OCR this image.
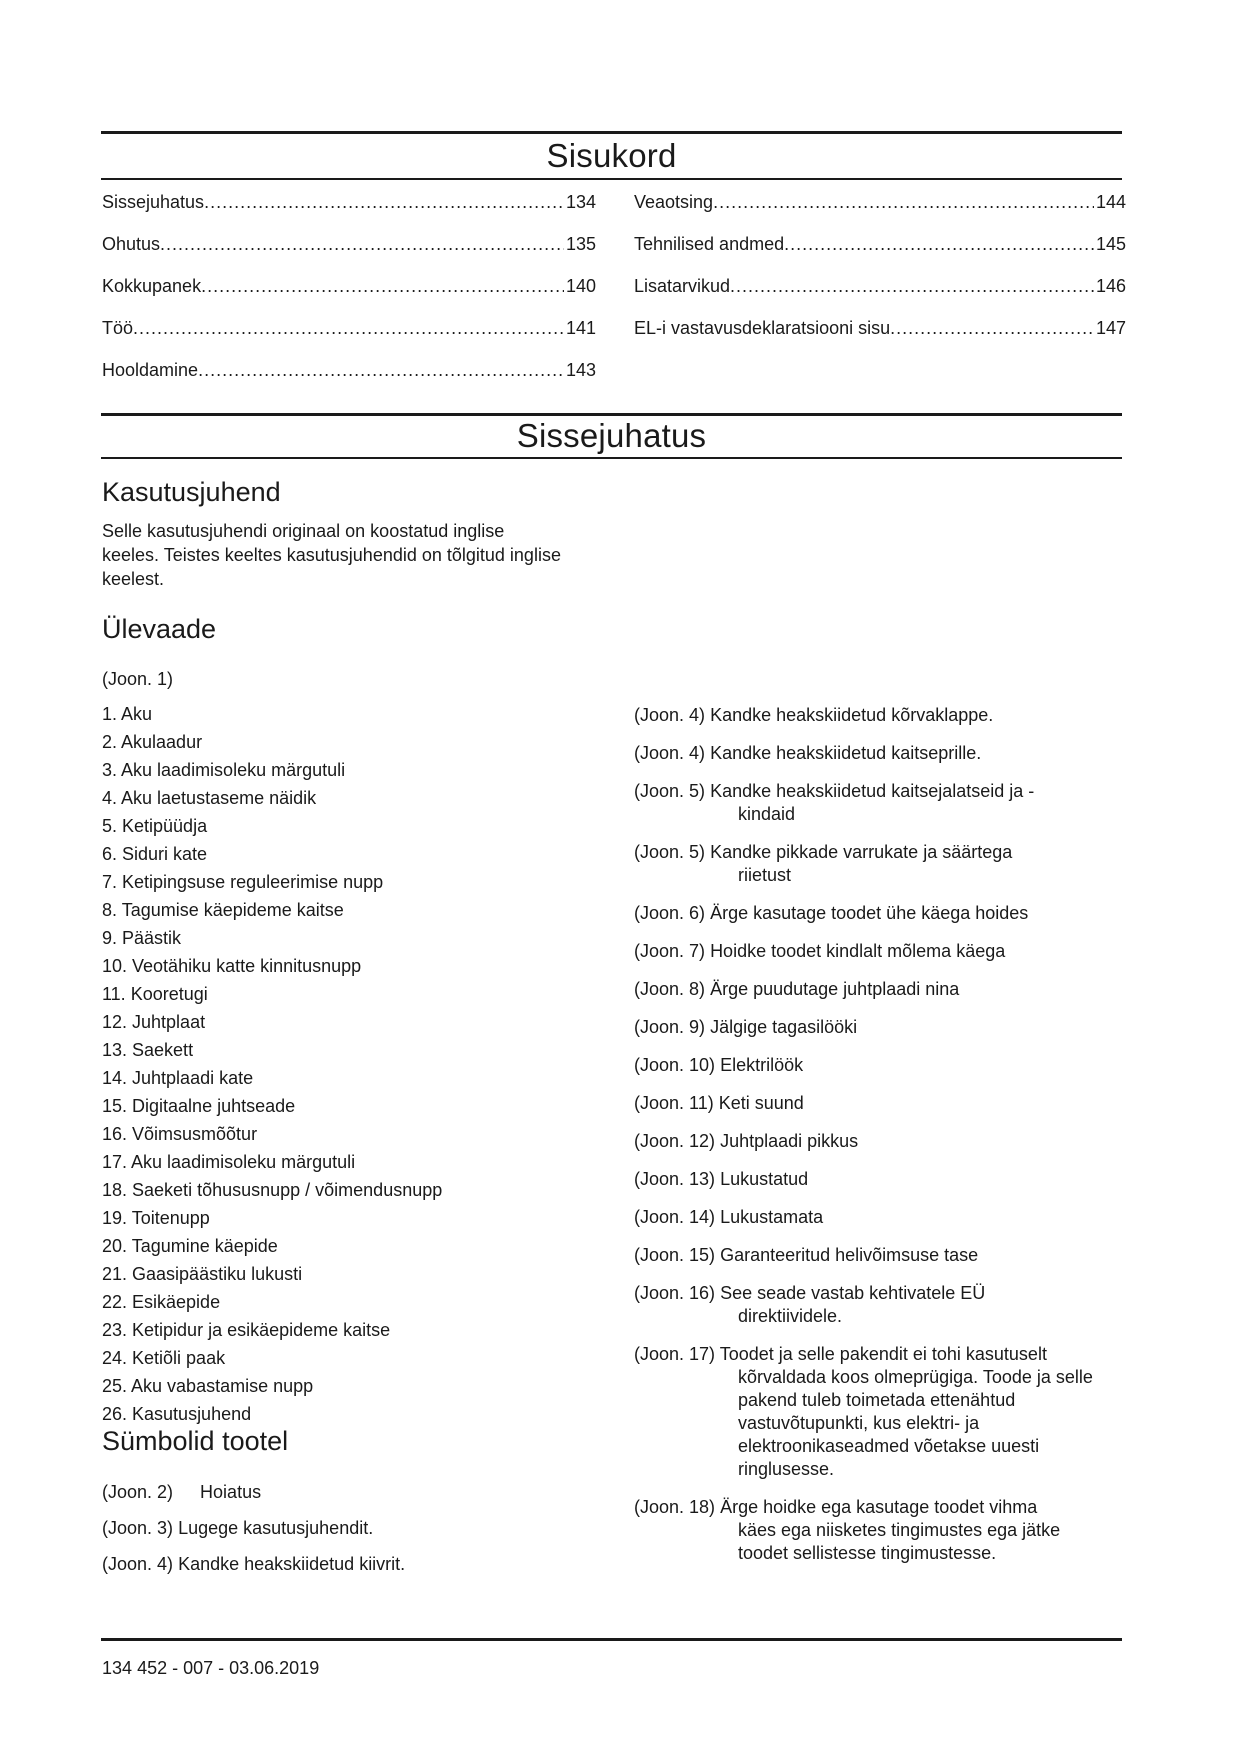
Sisukord
Sissejuhatus .....	134
Ohutus .....	135
Kokkupanek .....	140
Töö .....	141
Hooldamine .....	143
Veaotsing .....	144
Tehnilised andmed .....	145
Lisatarvikud .....	146
EL-i vastavusdeklaratsiooni sisu .....	147
Sissejuhatus
Kasutusjuhend

Selle kasutusjuhendi originaal on koostatud inglise keeles. Teistes keeltes kasutusjuhendid on tõlgitud inglise keelest.

Ülevaade
(Joon. 1)
1. Aku
2. Akulaadur
3. Aku laadimisoleku märgutuli
4. Aku laetustaseme näidik
5. Ketipüüdja
6. Siduri kate
7. Ketipingsuse reguleerimise nupp
8. Tagumise käepideme kaitse
9. Päästik
10. Veotähiku katte kinnitusnupp
11. Kooretugi
12. Juhtplaat
13. Saekett
14. Juhtplaadi kate
15. Digitaalne juhtseade
16. Võimsusmõõtur
17. Aku laadimisoleku märgutuli
18. Saeketi tõhususnupp / võimendusnupp
19. Toitenupp
20. Tagumine käepide
21. Gaasipäästiku lukusti
22. Esikäepide
23. Ketipidur ja esikäepideme kaitse
24. Ketiõli paak
25. Aku vabastamise nupp
26. Kasutusjuhend
Sümbolid tootel
(Joon. 2) Hoiatus
(Joon. 3) Lugege kasutusjuhendit.
(Joon. 4) Kandke heakskiidetud kiivrit.
(Joon. 4) Kandke heakskiidetud kõrvaklappe.
(Joon. 4) Kandke heakskiidetud kaitseprille.
(Joon. 5) Kandke heakskiidetud kaitsejalatseid ja -
kindaid
(Joon. 5) Kandke pikkade varrukate ja säärtega
riietust
(Joon. 6) Ärge kasutage toodet ühe käega hoides
(Joon. 7) Hoidke toodet kindlalt mõlema käega
(Joon. 8) Ärge puudutage juhtplaadi nina
(Joon. 9) Jälgige tagasilööki
(Joon. 10) Elektrilöök
(Joon. 11) Keti suund
(Joon. 12) Juhtplaadi pikkus
(Joon. 13) Lukustatud
(Joon. 14) Lukustamata
(Joon. 15) Garanteeritud helivõimsuse tase
(Joon. 16) See seade vastab kehtivatele EÜ
direktiividele.
(Joon. 17) Toodet ja selle pakendit ei tohi kasutuselt
kõrvaldada koos olmeprügiga. Toode ja selle pakend tuleb toimetada ettenähtud vastuvõtupunkti, kus elektri- ja elektroonikaseadmed võetakse uuesti ringlusesse.
(Joon. 18) Ärge hoidke ega kasutage toodet vihma
käes ega niisketes tingimustes ega jätke toodet sellistesse tingimustesse.
134 452 - 007 - 03.06.2019
